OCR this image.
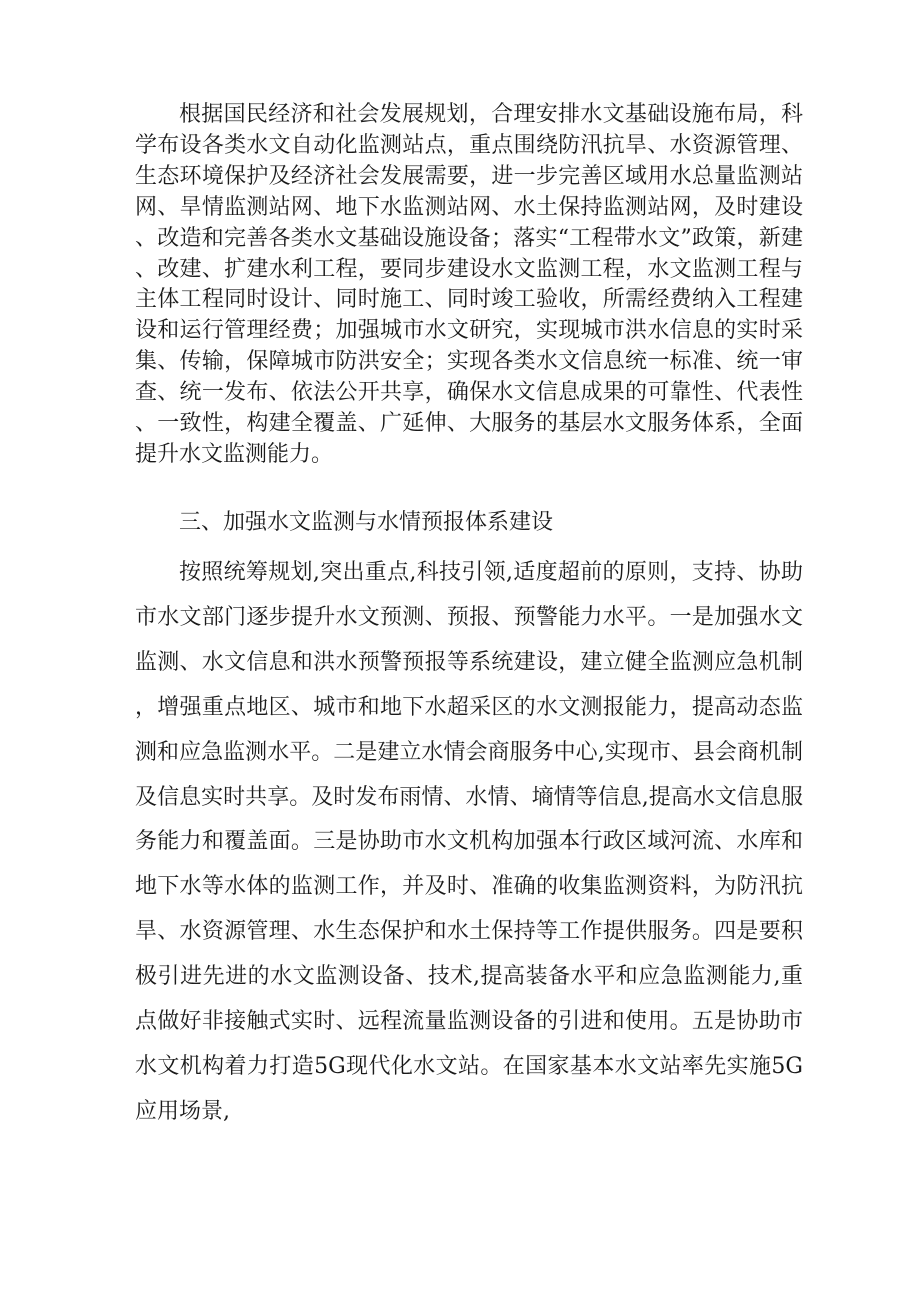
根据国民经济和社会发展规划，合理安排水文基础设施布局，科学布设各类水文自动化监测站点，重点围绕防汛抗旱、水资源管理、生态环境保护及经济社会发展需要，进一步完善区域用水总量监测站网、旱情监测站网、地下水监测站网、水土保持监测站网，及时建设、改造和完善各类水文基础设施设备；落实“工程带水文”政策，新建、改建、扩建水利工程，要同步建设水文监测工程，水文监测工程与主体工程同时设计、同时施工、同时竣工验收，所需经费纳入工程建设和运行管理经费；加强城市水文研究，实现城市洪水信息的实时采集、传输，保障城市防洪安全；实现各类水文信息统一标准、统一审查、统一发布、依法公开共享，确保水文信息成果的可靠性、代表性、一致性，构建全覆盖、广延伸、大服务的基层水文服务体系，全面提升水文监测能力。

三、加强水文监测与水情预报体系建设

按照统筹规划,突出重点,科技引领,适度超前的原则，支持、协助市水文部门逐步提升水文预测、预报、预警能力水平。一是加强水文监测、水文信息和洪水预警预报等系统建设，建立健全监测应急机制，增强重点地区、城市和地下水超采区的水文测报能力，提高动态监测和应急监测水平。二是建立水情会商服务中心,实现市、县会商机制及信息实时共享。及时发布雨情、水情、墒情等信息,提高水文信息服务能力和覆盖面。三是协助市水文机构加强本行政区域河流、水库和地下水等水体的监测工作，并及时、准确的收集监测资料，为防汛抗旱、水资源管理、水生态保护和水土保持等工作提供服务。四是要积极引进先进的水文监测设备、技术,提高装备水平和应急监测能力,重点做好非接触式实时、远程流量监测设备的引进和使用。五是协助市水文机构着力打造5G现代化水文站。在国家基本水文站率先实施5G应用场景,
